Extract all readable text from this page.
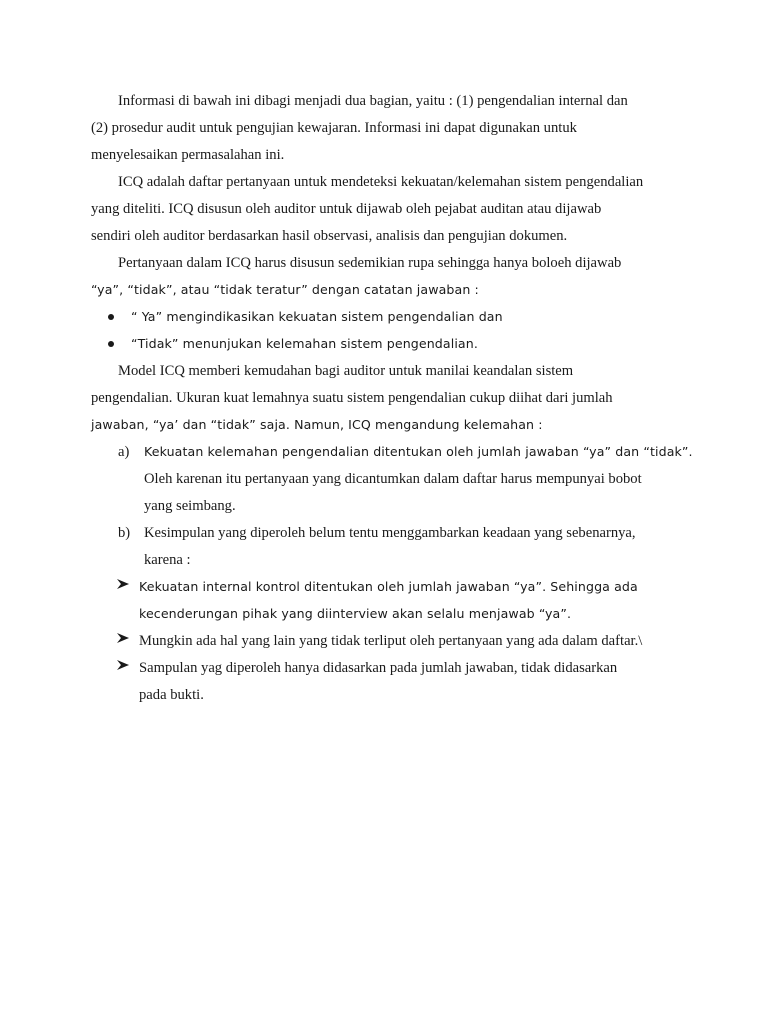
Informasi di bawah ini dibagi menjadi dua bagian, yaitu : (1) pengendalian internal dan
(2) prosedur audit untuk pengujian kewajaran. Informasi ini dapat digunakan untuk
menyelesaikan permasalahan ini.
ICQ adalah daftar pertanyaan untuk mendeteksi kekuatan/kelemahan sistem pengendalian
yang diteliti. ICQ disusun oleh auditor untuk dijawab oleh pejabat auditan atau dijawab
sendiri oleh auditor berdasarkan hasil observasi, analisis dan pengujian dokumen.
Pertanyaan dalam ICQ harus disusun sedemikian rupa sehingga hanya boloeh dijawab
“ya”, “tidak”, atau “tidak teratur” dengan catatan jawaban :
“ Ya” mengindikasikan kekuatan sistem pengendalian dan
“Tidak” menunjukan kelemahan sistem pengendalian.
Model ICQ memberi kemudahan bagi auditor untuk manilai keandalan sistem
pengendalian. Ukuran kuat lemahnya suatu sistem pengendalian cukup diihat dari jumlah
jawaban, “ya’ dan “tidak” saja. Namun, ICQ mengandung kelemahan :
a) Kekuatan kelemahan pengendalian ditentukan oleh jumlah jawaban “ya” dan “tidak”.
Oleh karenan itu pertanyaan yang dicantumkan dalam daftar harus mempunyai bobot
yang seimbang.
b) Kesimpulan yang diperoleh belum tentu menggambarkan keadaan yang sebenarnya,
karena :
Kekuatan internal kontrol ditentukan oleh jumlah jawaban “ya”. Sehingga ada
kecenderungan pihak yang diinterview akan selalu menjawab “ya”.
Mungkin ada hal yang lain yang tidak terliput oleh pertanyaan yang ada dalam daftar.\
Sampulan yag diperoleh hanya didasarkan pada jumlah jawaban, tidak didasarkan
pada bukti.
